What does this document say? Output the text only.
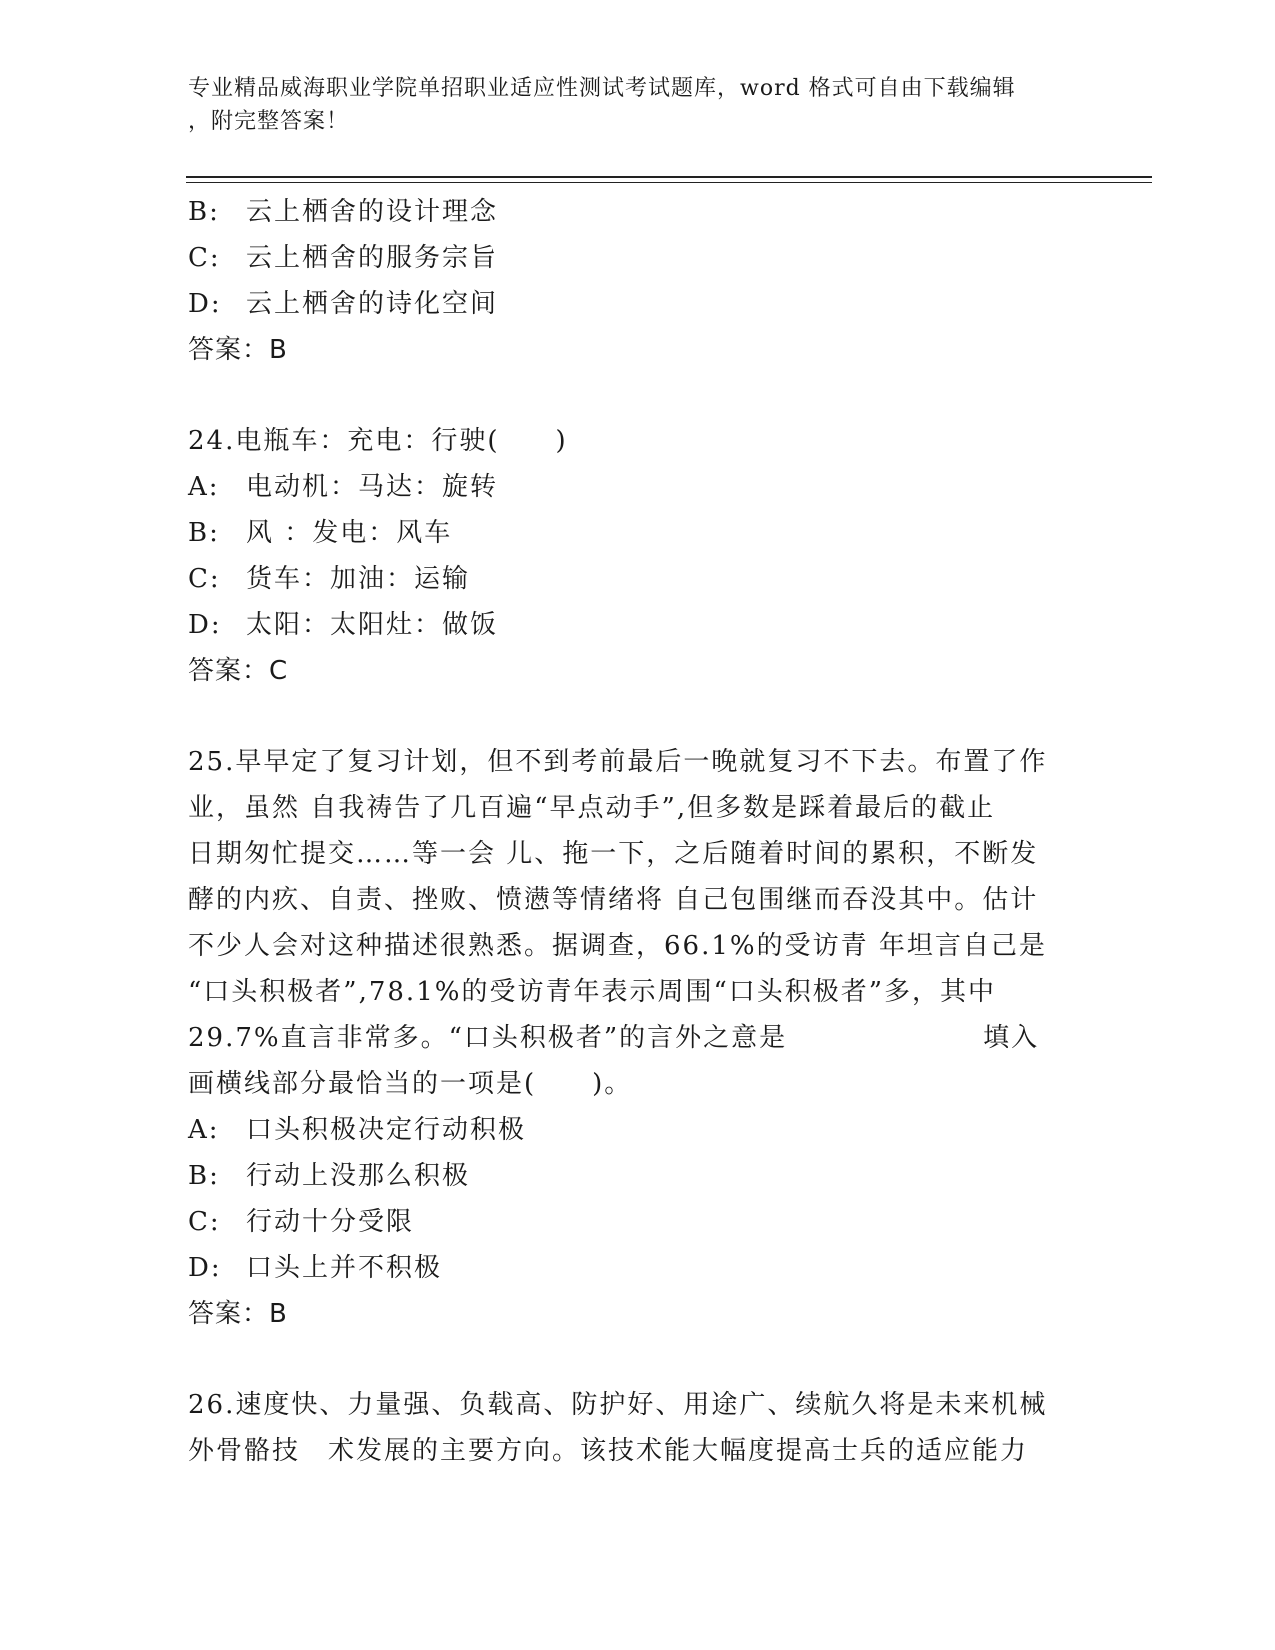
专业精品威海职业学院单招职业适应性测试考试题库，word 格式可自由下载编辑
，附完整答案！
B:	云上栖舍的设计理念
C: 云上栖舍的服务宗旨
D: 云上栖舍的诗化空间
答案：B
24.电瓶车：充电：行驶(　　)
A:	电动机：马达：旋转
B:	风 ：发电：风车
C: 货车：加油：运输
D: 太阳：太阳灶：做饭
答案：C
25.早早定了复习计划，但不到考前最后一晚就复习不下去。布置了作
业，虽然 自我祷告了几百遍“早点动手”,但多数是踩着最后的截止
日期匆忙提交……等一会 儿、拖一下，之后随着时间的累积，不断发
酵的内疚、自责、挫败、愤懑等情绪将 自己包围继而吞没其中。估计
不少人会对这种描述很熟悉。据调查，66.1%的受访青 年坦言自己是
“口头积极者”,78.1%的受访青年表示周围“口头积极者”多，其中
29.7%直言非常多。“口头积极者”的言外之意是　　　　　　　填入
画横线部分最恰当的一项是(　　)。
A:	口头积极决定行动积极
B:	行动上没那么积极
C: 行动十分受限
D: 口头上并不积极
答案：B
26.速度快、力量强、负载高、防护好、用途广、续航久将是未来机械
外骨骼技　术发展的主要方向。该技术能大幅度提高士兵的适应能力
